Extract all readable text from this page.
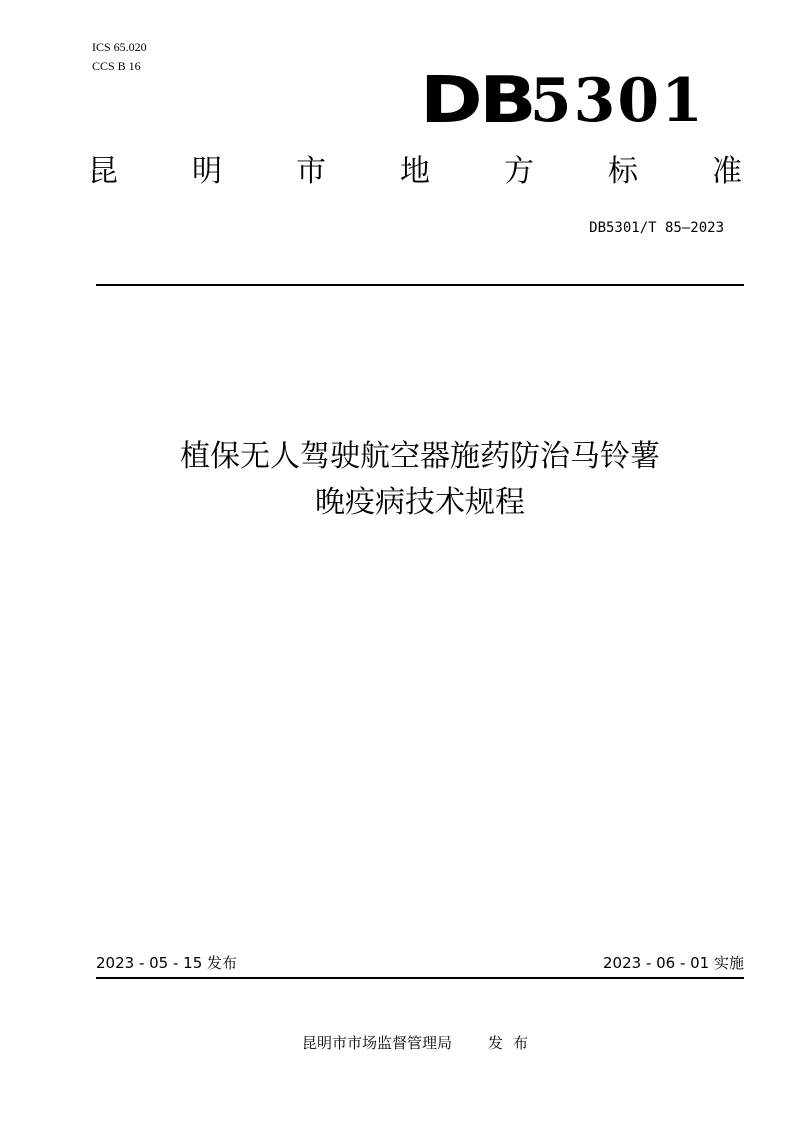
ICS 65.020
CCS B 16	DB
5301
昆 明 市 地 方 标 准
DB5301/T 85—2023
植保无人驾驶航空器施药防治马铃薯
晚疫病技术规程
2023 - 05 - 15 发布	2023 - 06 - 01 实施
昆明市市场监督管理局 发布
